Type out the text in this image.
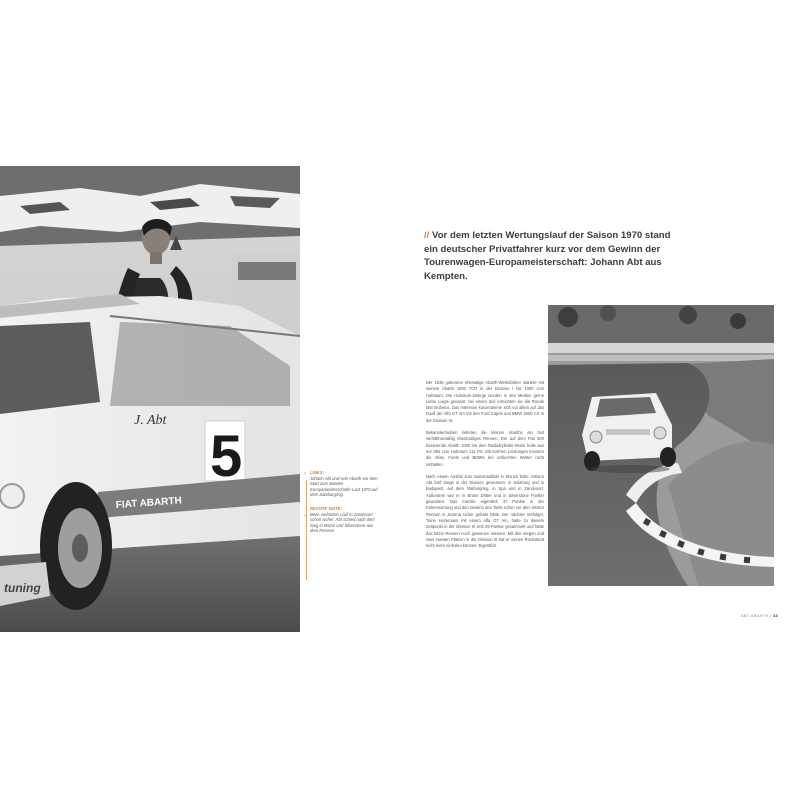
J. Abt
5
FIAT ABARTH
tuning
‹
›

LINKS:
Johann Abt und sein Abarth vor dem Start zum zweiten Europameisterschafts-Lauf 1970 auf dem Salzburgring.

RECHTE SEITE:
Beim vorletzten Lauf in Zandvoort schon sicher: Abt schied nach dem Sieg in Brünn und Silverstone aus dem Rennen.

// Vor dem letzten Wertungslauf der Saison 1970 stand ein deutscher Privatfahrer kurz vor dem Gewinn der Tourenwagen-Europameisterschaft: Johann Abt aus Kempten.

Der 1935 geborene ehemalige Abarth-Werksfahrer startete mit seinem Abarth 1000 TCR in der Division I bis 1000 ccm Hubraum. Die Hubraum-Zwerge wurden in den Medien gerne Liebe Luigis genannt, bei einem Ziel erreichten sie die Runde fast mühelos. Das Interesse konzentrierte sich vor allem auf das Duell der Alfa GT Am mit den Ford Capris und BMW 2800 CS in der Division III.

Bekanntermaßen lieferten die kleinen Abarths ein fast verhältnismäßig ebenbürtiges Rennen. Der auf dem Fiat 600 basierende Abarth 1000 mit dem Radialzylinder-Motor holte aus nur 982 ccm Hubraum 112 PS. Mit solchen Leistungen konnten die Alfas, Fords und BMWs bei schlechten Wetter nicht mithalten.

Nach einem Ausfall zum Saisonauftakt in Monza holte Johann Abt fünf Siege in der Division gewonnen: in Salzburg und in Budapest, auf dem Nürburgring, in Spa und in Zandvoort. Außerdem war er in Brünn Dritter und in Silverstone Fünfter geworden. Das machte eigentlich 37 Punkte in der Fahrerwertung und den Gewinn des Titels schon vor dem letzten Rennen in Jarama sicher gehabt hätte. Der nächste Verfolger, Toine Hezemans mit einem Alfa GT Am, hatte zu diesem Zeitpunkt in der Division III erst 29 Punkte gesammelt und hätte das letzte Rennen noch gewinnen müssen. Mit drei Siegen und zwei zweiten Plätzen in der Division III hat er seinen Rückstand nicht mehr einholen können. Eigentlich.

ABT ABARTH | 43
